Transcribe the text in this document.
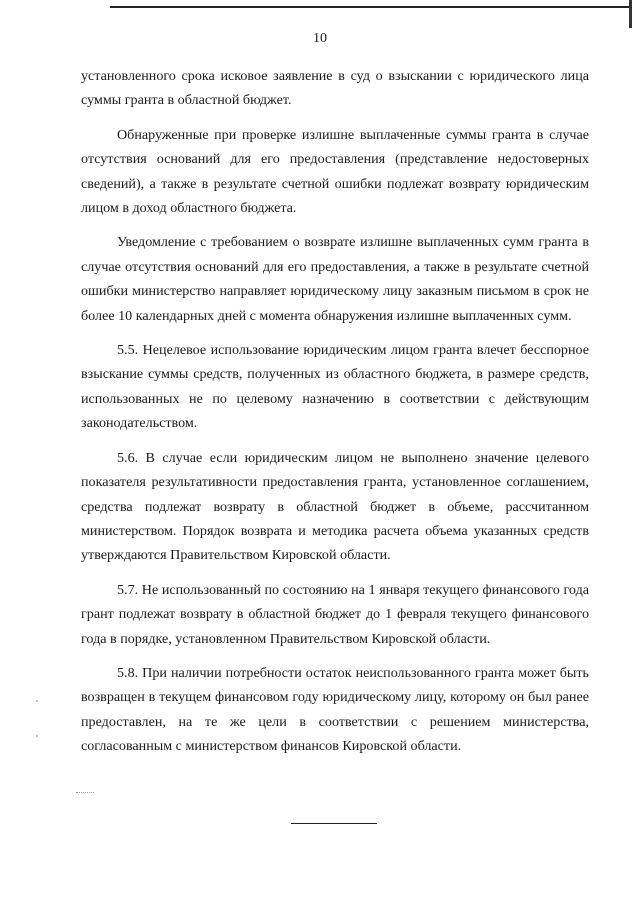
10

установленного срока исковое заявление в суд о взыскании с юридического лица суммы гранта в областной бюджет.

Обнаруженные при проверке излишне выплаченные суммы гранта в случае отсутствия оснований для его предоставления (представление недостоверных сведений), а также в результате счетной ошибки подлежат возврату юридическим лицом в доход областного бюджета.

Уведомление с требованием о возврате излишне выплаченных сумм гранта в случае отсутствия оснований для его предоставления, а также в результате счетной ошибки министерство направляет юридическому лицу заказным письмом в срок не более 10 календарных дней с момента обнаружения излишне выплаченных сумм.

5.5. Нецелевое использование юридическим лицом гранта влечет бесспорное взыскание суммы средств, полученных из областного бюджета, в размере средств, использованных не по целевому назначению в соответствии с действующим законодательством.

5.6. В случае если юридическим лицом не выполнено значение целевого показателя результативности предоставления гранта, установленное соглашением, средства подлежат возврату в областной бюджет в объеме, рассчитанном министерством. Порядок возврата и методика расчета объема указанных средств утверждаются Правительством Кировской области.

5.7. Не использованный по состоянию на 1 января текущего финансового года грант подлежат возврату в областной бюджет до 1 февраля текущего финансового года в порядке, установленном Правительством Кировской области.

5.8. При наличии потребности остаток неиспользованного гранта может быть возвращен в текущем финансовом году юридическому лицу, которому он был ранее предоставлен, на те же цели в соответствии с решением министерства, согласованным с министерством финансов Кировской области.
